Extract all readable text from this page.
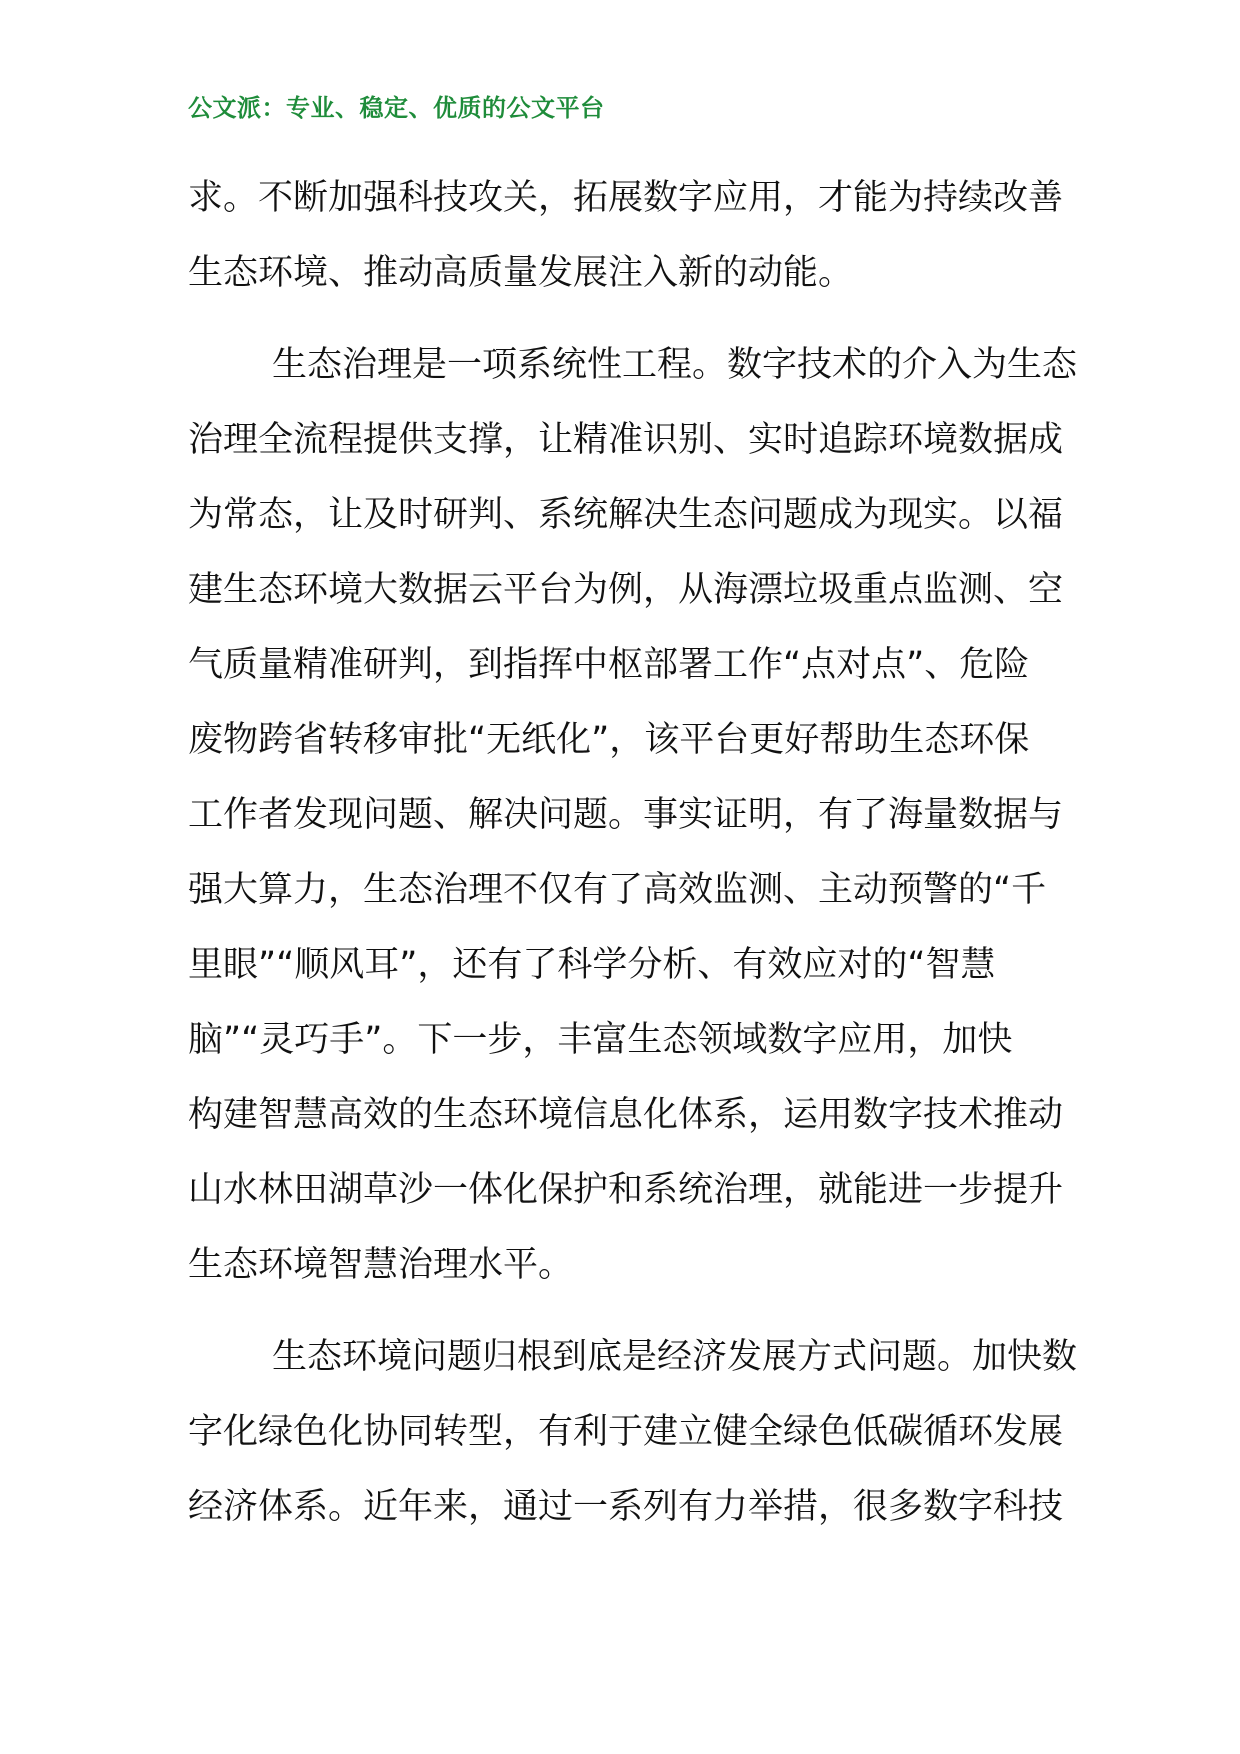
公文派：专业、稳定、优质的公文平台
求。不断加强科技攻关，拓展数字应用，才能为持续改善
生态环境、推动高质量发展注入新的动能。
生态治理是一项系统性工程。数字技术的介入为生态
治理全流程提供支撑，让精准识别、实时追踪环境数据成
为常态，让及时研判、系统解决生态问题成为现实。以福
建生态环境大数据云平台为例，从海漂垃圾重点监测、空
气质量精准研判，到指挥中枢部署工作“点对点”、危险
废物跨省转移审批“无纸化”，该平台更好帮助生态环保
工作者发现问题、解决问题。事实证明，有了海量数据与
强大算力，生态治理不仅有了高效监测、主动预警的“千
里眼”“顺风耳”，还有了科学分析、有效应对的“智慧
脑”“灵巧手”。下一步，丰富生态领域数字应用，加快
构建智慧高效的生态环境信息化体系，运用数字技术推动
山水林田湖草沙一体化保护和系统治理，就能进一步提升
生态环境智慧治理水平。
生态环境问题归根到底是经济发展方式问题。加快数
字化绿色化协同转型，有利于建立健全绿色低碳循环发展
经济体系。近年来，通过一系列有力举措，很多数字科技
